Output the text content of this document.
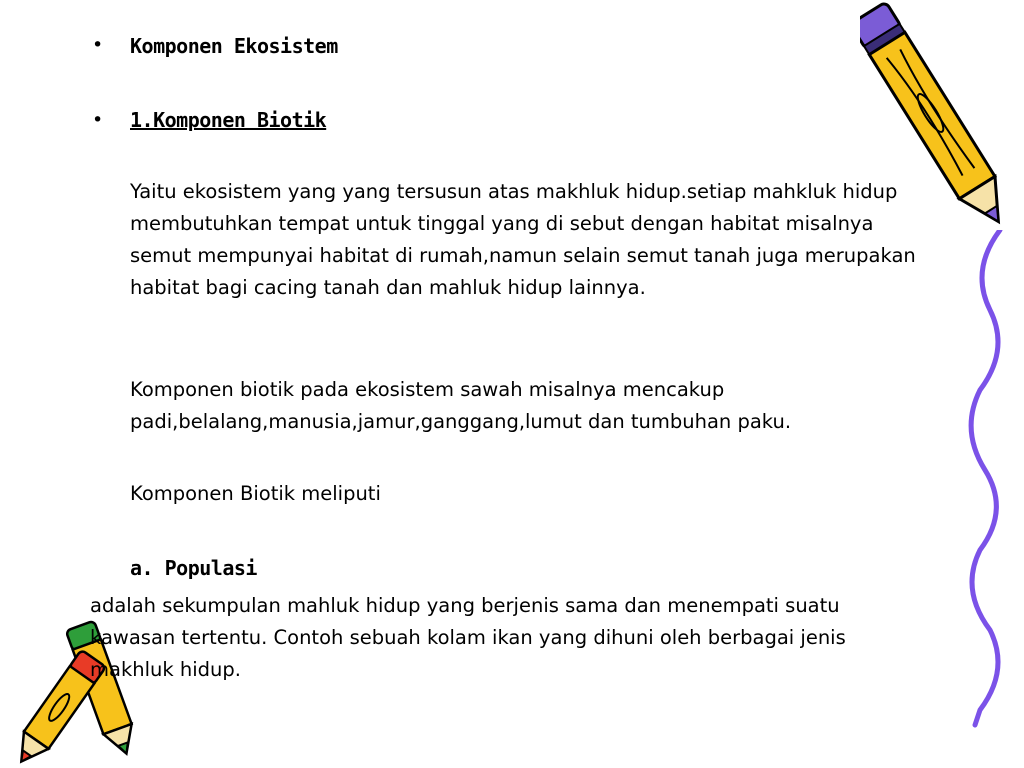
•
•

Komponen Ekosistem

1.Komponen Biotik

Yaitu ekosistem yang yang tersusun atas makhluk hidup.setiap mahkluk hidup membutuhkan tempat untuk tinggal yang di sebut dengan habitat misalnya semut mempunyai habitat di rumah,namun selain semut tanah juga merupakan habitat bagi cacing tanah dan mahluk hidup lainnya.

Komponen biotik pada ekosistem sawah misalnya mencakup padi,belalang,manusia,jamur,ganggang,lumut dan tumbuhan paku.

Komponen Biotik meliputi

a. Populasi

adalah sekumpulan mahluk hidup yang berjenis sama dan menempati suatu kawasan tertentu. Contoh sebuah kolam ikan yang dihuni oleh berbagai jenis makhluk hidup.
